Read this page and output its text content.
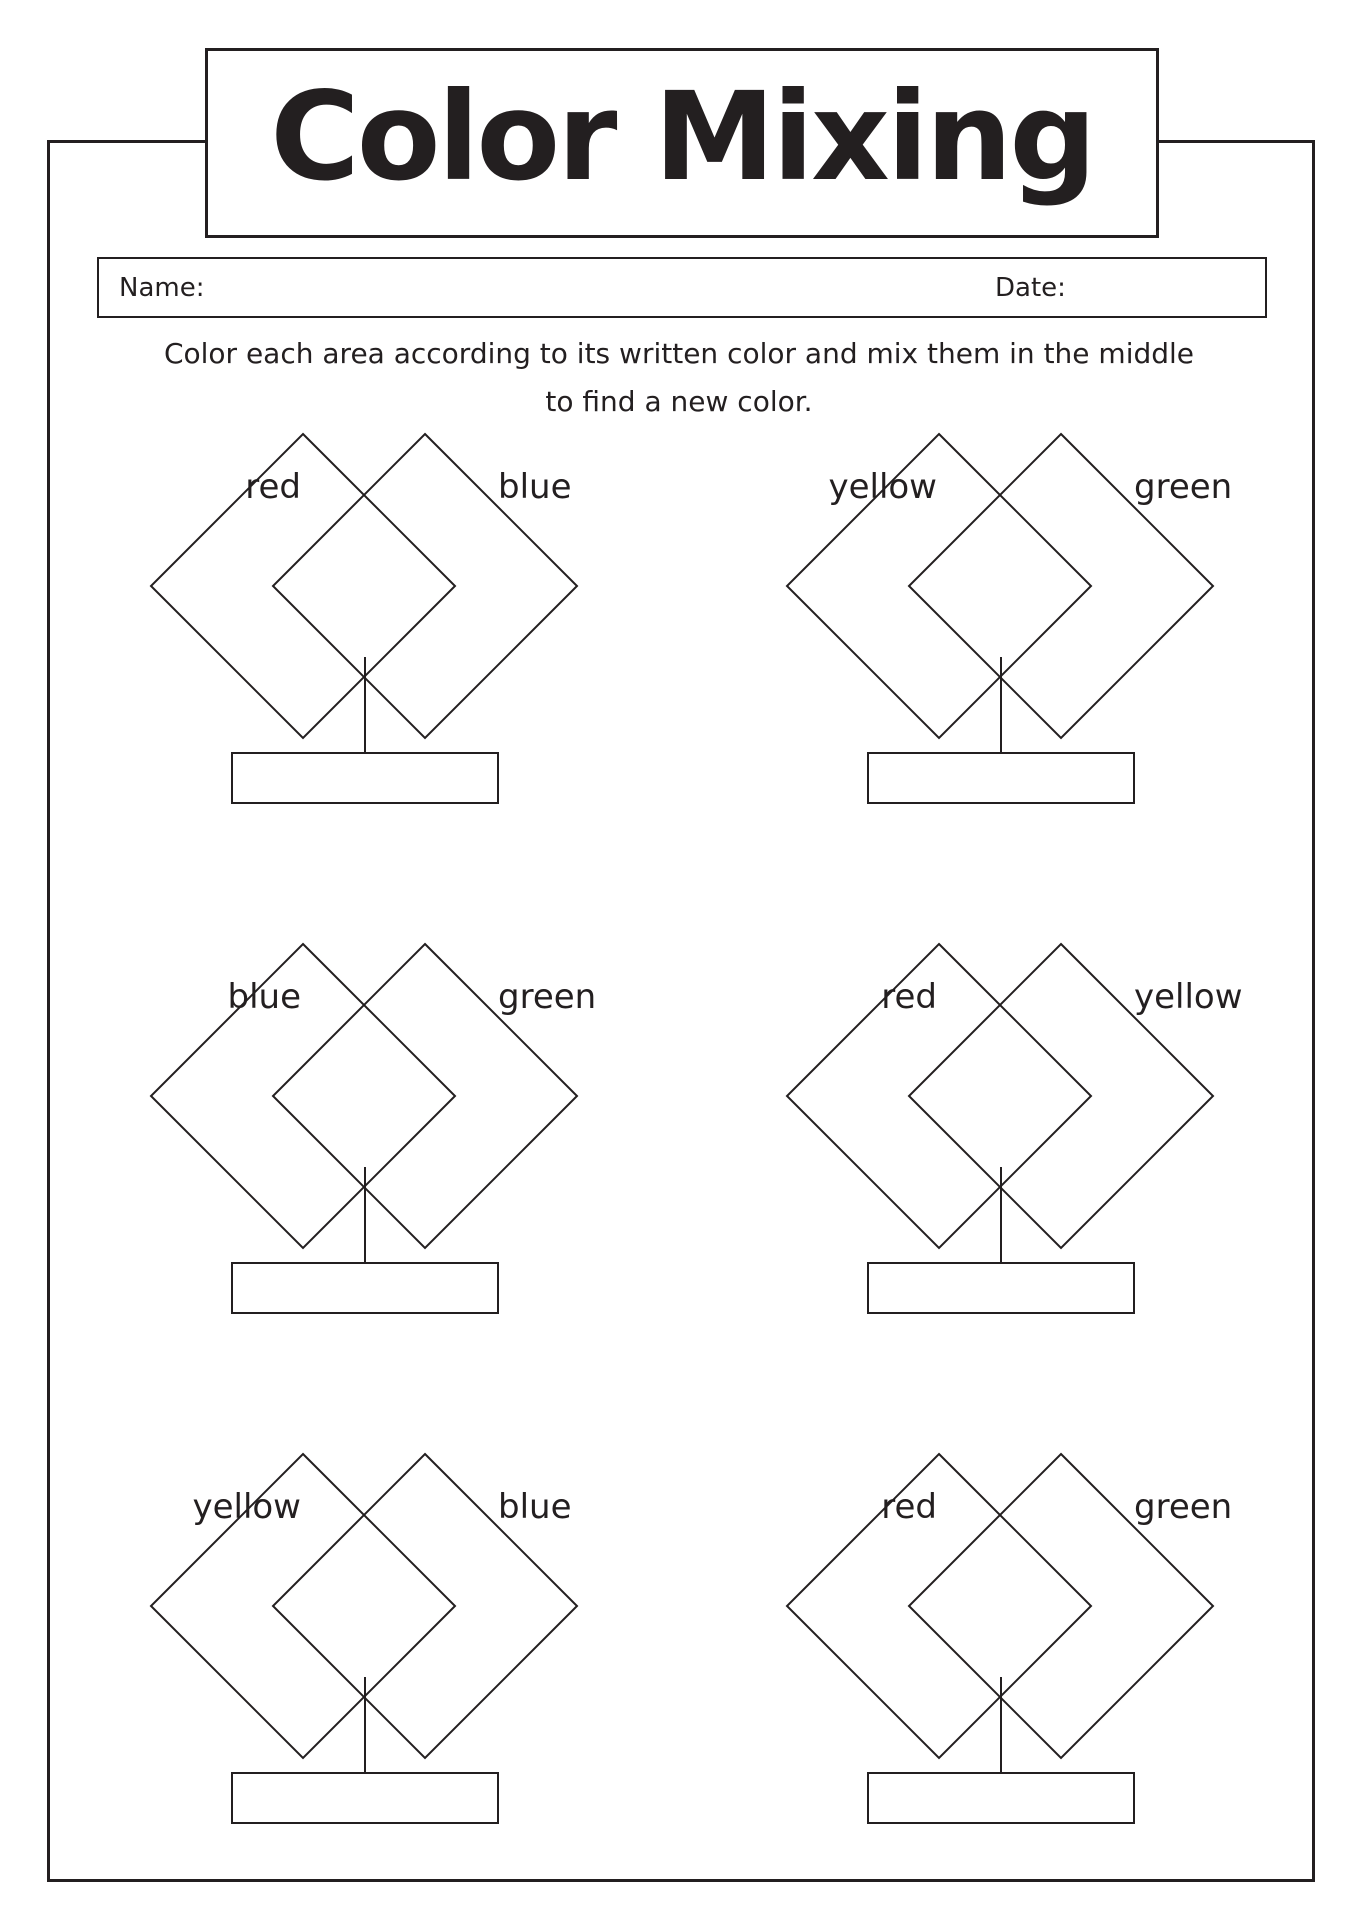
Color Mixing
Name:	Date:
Color each area according to its written color and mix them in the middle
to find a new color.
red	blue	yellow	green
blue	green	red	yellow
yellow	blue	red	green
